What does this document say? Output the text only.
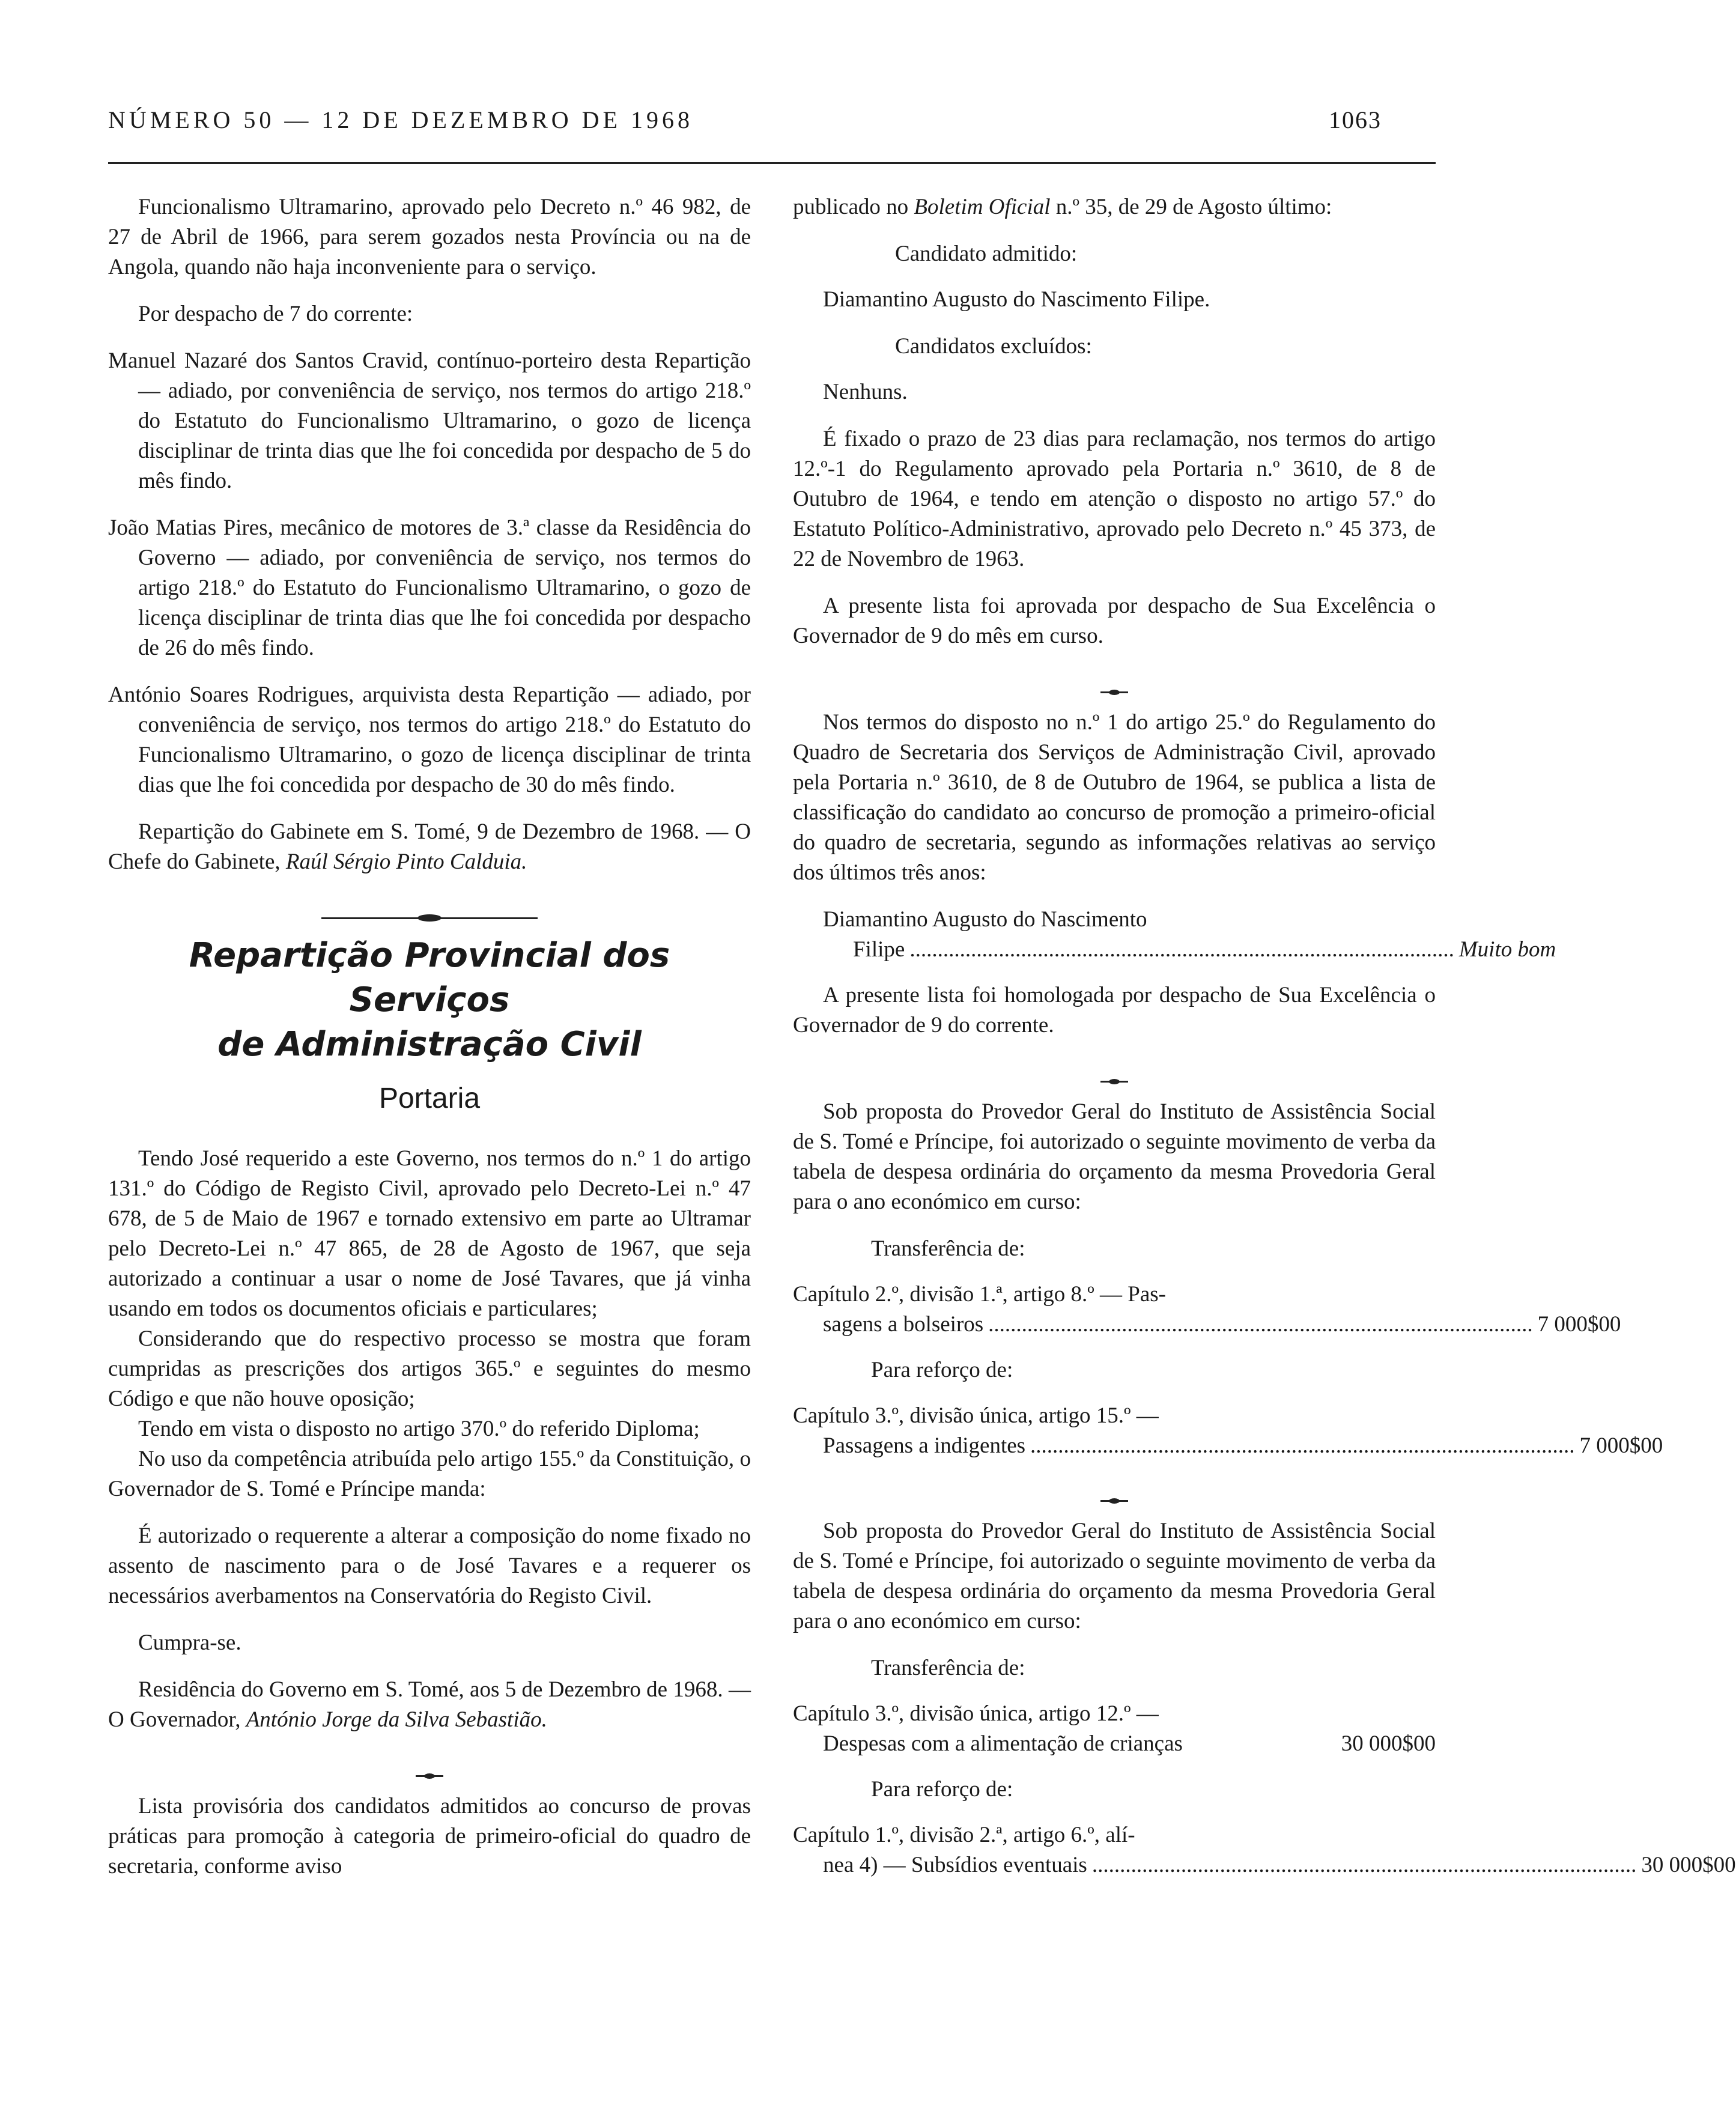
NÚMERO 50 — 12 DE DEZEMBRO DE 1968	1063

Funcionalismo Ultramarino, aprovado pelo Decreto n.º 46 982, de 27 de Abril de 1966, para serem gozados nesta Província ou na de Angola, quando não haja inconveniente para o serviço.

Por despacho de 7 do corrente:

Manuel Nazaré dos Santos Cravid, contínuo-porteiro desta Repartição — adiado, por conveniência de serviço, nos termos do artigo 218.º do Estatuto do Funcionalismo Ultramarino, o gozo de licença disciplinar de trinta dias que lhe foi concedida por despacho de 5 do mês findo.

João Matias Pires, mecânico de motores de 3.ª classe da Residência do Governo — adiado, por conveniência de serviço, nos termos do artigo 218.º do Estatuto do Funcionalismo Ultramarino, o gozo de licença disciplinar de trinta dias que lhe foi concedida por despacho de 26 do mês findo.

António Soares Rodrigues, arquivista desta Repartição — adiado, por conveniência de serviço, nos termos do artigo 218.º do Estatuto do Funcionalismo Ultramarino, o gozo de licença disciplinar de trinta dias que lhe foi concedida por despacho de 30 do mês findo.

Repartição do Gabinete em S. Tomé, 9 de Dezembro de 1968. — O Chefe do Gabinete, Raúl Sérgio Pinto Calduia.

Repartição Provincial dos Serviços
de Administração Civil
Portaria

Tendo José requerido a este Governo, nos termos do n.º 1 do artigo 131.º do Código de Registo Civil, aprovado pelo Decreto-Lei n.º 47 678, de 5 de Maio de 1967 e tornado extensivo em parte ao Ultramar pelo Decreto-Lei n.º 47 865, de 28 de Agosto de 1967, que seja autorizado a continuar a usar o nome de José Tavares, que já vinha usando em todos os documentos oficiais e particulares;

Considerando que do respectivo processo se mostra que foram cumpridas as prescrições dos artigos 365.º e seguintes do mesmo Código e que não houve oposição;

Tendo em vista o disposto no artigo 370.º do referido Diploma;

No uso da competência atribuída pelo artigo 155.º da Constituição, o Governador de S. Tomé e Príncipe manda:

É autorizado o requerente a alterar a composição do nome fixado no assento de nascimento para o de José Tavares e a requerer os necessários averbamentos na Conservatória do Registo Civil.

Cumpra-se.

Residência do Governo em S. Tomé, aos 5 de Dezembro de 1968. — O Governador, António Jorge da Silva Sebastião.

Lista provisória dos candidatos admitidos ao concurso de provas práticas para promoção à categoria de primeiro-oficial do quadro de secretaria, conforme aviso

publicado no Boletim Oficial n.º 35, de 29 de Agosto último:

Candidato admitido:

Diamantino Augusto do Nascimento Filipe.

Candidatos excluídos:

Nenhuns.

É fixado o prazo de 23 dias para reclamação, nos termos do artigo 12.º-1 do Regulamento aprovado pela Portaria n.º 3610, de 8 de Outubro de 1964, e tendo em atenção o disposto no artigo 57.º do Estatuto Político-Administrativo, aprovado pelo Decreto n.º 45 373, de 22 de Novembro de 1963.

A presente lista foi aprovada por despacho de Sua Excelência o Governador de 9 do mês em curso.

Nos termos do disposto no n.º 1 do artigo 25.º do Regulamento do Quadro de Secretaria dos Serviços de Administração Civil, aprovado pela Portaria n.º 3610, de 8 de Outubro de 1964, se publica a lista de classificação do candidato ao concurso de promoção a primeiro-oficial do quadro de secretaria, segundo as informações relativas ao serviço dos últimos três anos:

Diamantino Augusto do Nascimento
Filipe .................................................................................................. Muito bom

A presente lista foi homologada por despacho de Sua Excelência o Governador de 9 do corrente.

Sob proposta do Provedor Geral do Instituto de Assistência Social de S. Tomé e Príncipe, foi autorizado o seguinte movimento de verba da tabela de despesa ordinária do orçamento da mesma Provedoria Geral para o ano económico em curso:

Transferência de:

Capítulo 2.º, divisão 1.ª, artigo 8.º — Pas-
sagens a bolseiros .................................................................................................. 7 000$00

Para reforço de:

Capítulo 3.º, divisão única, artigo 15.º —
Passagens a indigentes .................................................................................................. 7 000$00

Sob proposta do Provedor Geral do Instituto de Assistência Social de S. Tomé e Príncipe, foi autorizado o seguinte movimento de verba da tabela de despesa ordinária do orçamento da mesma Provedoria Geral para o ano económico em curso:

Transferência de:

Capítulo 3.º, divisão única, artigo 12.º —
Despesas com a alimentação de crianças	30 000$00

Para reforço de:

Capítulo 1.º, divisão 2.ª, artigo 6.º, alí-
nea 4) — Subsídios eventuais .................................................................................................. 30 000$00
